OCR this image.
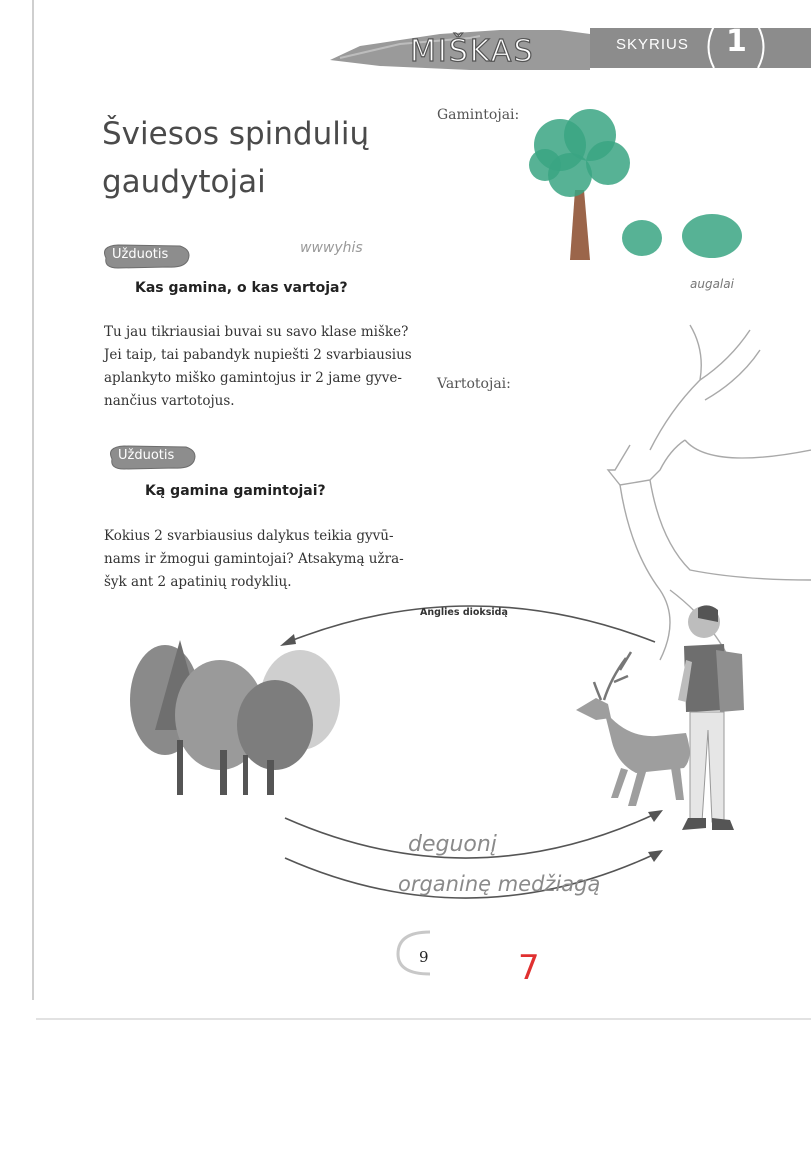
MIŠKAS	SKYRIUS 1
Šviesos spindulių
gaudytojai
Užduotis	wwwyhis
Kas gamina, o kas vartoja?
Tu jau tikriausiai buvai su savo klase miške?
Jei taip, tai pabandyk nupiešti 2 svarbiausius
aplankyto miško gamintojus ir 2 jame gyve-
nančius vartotojus.
Užduotis
Ką gamina gamintojai?
Kokius 2 svarbiausius dalykus teikia gyvū-
nams ir žmogui gamintojai? Atsakymą užra-
šyk ant 2 apatinių rodyklių.
Gamintojai:
Vartotojai:
augalai
Anglies dioksidą
deguonį
organinę medžiagą
9	7
